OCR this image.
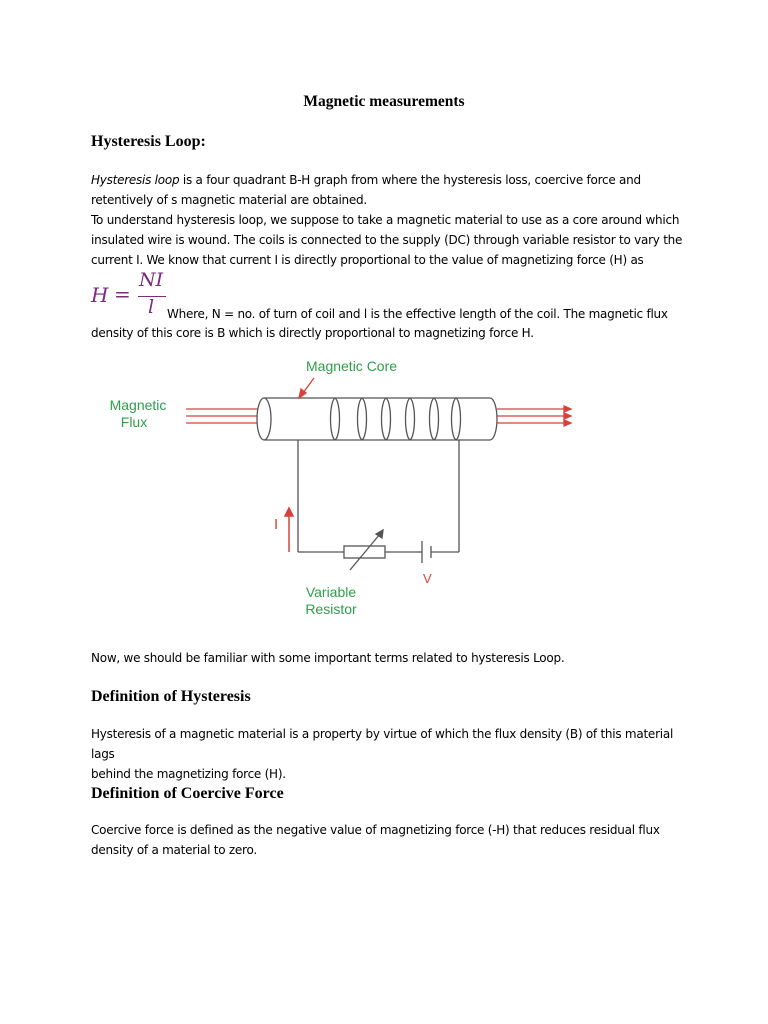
Magnetic measurements
Hysteresis Loop:
Hysteresis loop is a four quadrant B-H graph from where the hysteresis loss, coercive force and
retentively of s magnetic material are obtained.
To understand hysteresis loop, we suppose to take a magnetic material to use as a core around which
insulated wire is wound. The coils is connected to the supply (DC) through variable resistor to vary the
current I. We know that current I is directly proportional to the value of magnetizing force (H) as
H =
NI
l Where, N = no. of turn of coil and l is the effective length of the coil. The magnetic flux
density of this core is B which is directly proportional to magnetizing force H.
Magnetic Core
Magnetic
Flux
I
V
Variable
Resistor
Now, we should be familiar with some important terms related to hysteresis Loop.
Definition of Hysteresis
Hysteresis of a magnetic material is a property by virtue of which the flux density (B) of this material lags
behind the magnetizing force (H).
Definition of Coercive Force
Coercive force is defined as the negative value of magnetizing force (-H) that reduces residual flux
density of a material to zero.
